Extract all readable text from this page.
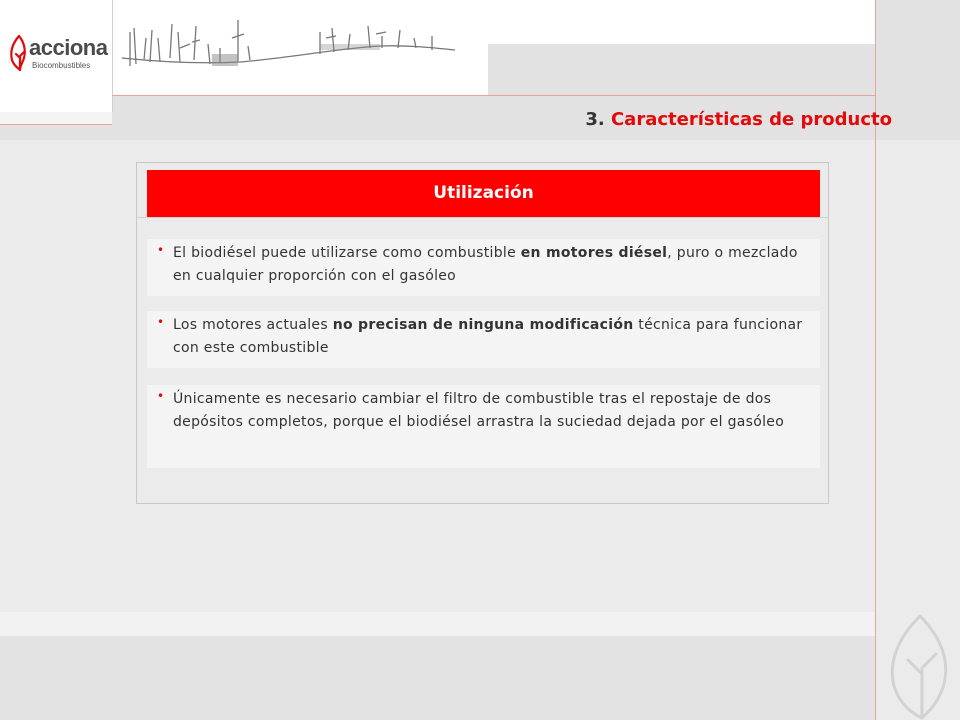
acciona
Biocombustibles
3. Características de producto
Utilización
• El biodiésel puede utilizarse como combustible en motores diésel, puro o mezclado en cualquier proporción con el gasóleo
• Los motores actuales no precisan de ninguna modificación técnica para funcionar con este combustible
• Únicamente es necesario cambiar el filtro de combustible tras el repostaje de dos depósitos completos, porque el biodiésel arrastra la suciedad dejada por el gasóleo
